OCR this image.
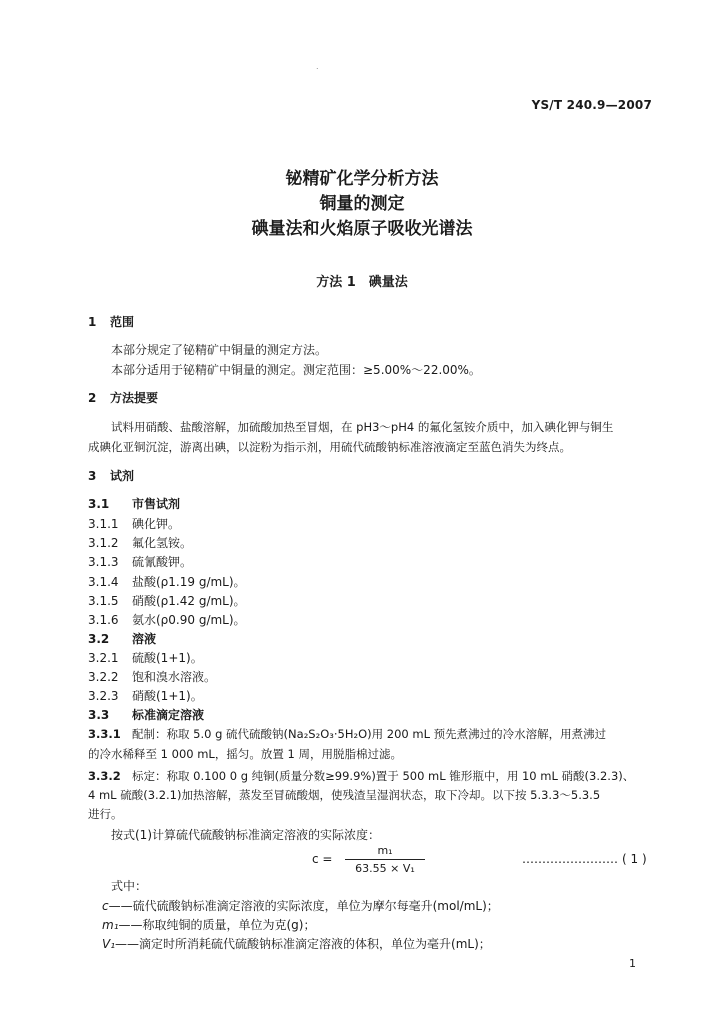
.
YS/T 240.9—2007
铋精矿化学分析方法
铜量的测定
碘量法和火焰原子吸收光谱法
方法 1　碘量法
1 范围
本部分规定了铋精矿中铜量的测定方法。
本部分适用于铋精矿中铜量的测定。测定范围：≥5.00%～22.00%。
2 方法提要
试料用硝酸、盐酸溶解，加硫酸加热至冒烟，在 pH3～pH4 的氟化氢铵介质中，加入碘化钾与铜生
成碘化亚铜沉淀，游离出碘，以淀粉为指示剂，用硫代硫酸钠标准溶液滴定至蓝色消失为终点。
3 试剂
3.1 市售试剂
3.1.1 碘化钾。
3.1.2 氟化氢铵。
3.1.3 硫氰酸钾。
3.1.4 盐酸(ρ1.19 g/mL)。
3.1.5 硝酸(ρ1.42 g/mL)。
3.1.6 氨水(ρ0.90 g/mL)。
3.2 溶液
3.2.1 硫酸(1+1)。
3.2.2 饱和溴水溶液。
3.2.3 硝酸(1+1)。
3.3 标准滴定溶液
3.3.1 配制：称取 5.0 g 硫代硫酸钠(Na₂S₂O₃·5H₂O)用 200 mL 预先煮沸过的冷水溶解，用煮沸过
的冷水稀释至 1 000 mL，摇匀。放置 1 周，用脱脂棉过滤。
3.3.2 标定：称取 0.100 0 g 纯铜(质量分数≥99.9%)置于 500 mL 锥形瓶中，用 10 mL 硝酸(3.2.3)、
4 mL 硫酸(3.2.1)加热溶解，蒸发至冒硫酸烟，使残渣呈湿润状态，取下冷却。以下按 5.3.3～5.3.5
进行。
按式(1)计算硫代硫酸钠标准滴定溶液的实际浓度：
$c = \frac{\text{m₁}}{\text{63.55 × V₁}}$	…………………… ( 1 )
式中：
c——硫代硫酸钠标准滴定溶液的实际浓度，单位为摩尔每毫升(mol/mL)；
m₁——称取纯铜的质量，单位为克(g)；
V₁——滴定时所消耗硫代硫酸钠标准滴定溶液的体积，单位为毫升(mL)；
1
